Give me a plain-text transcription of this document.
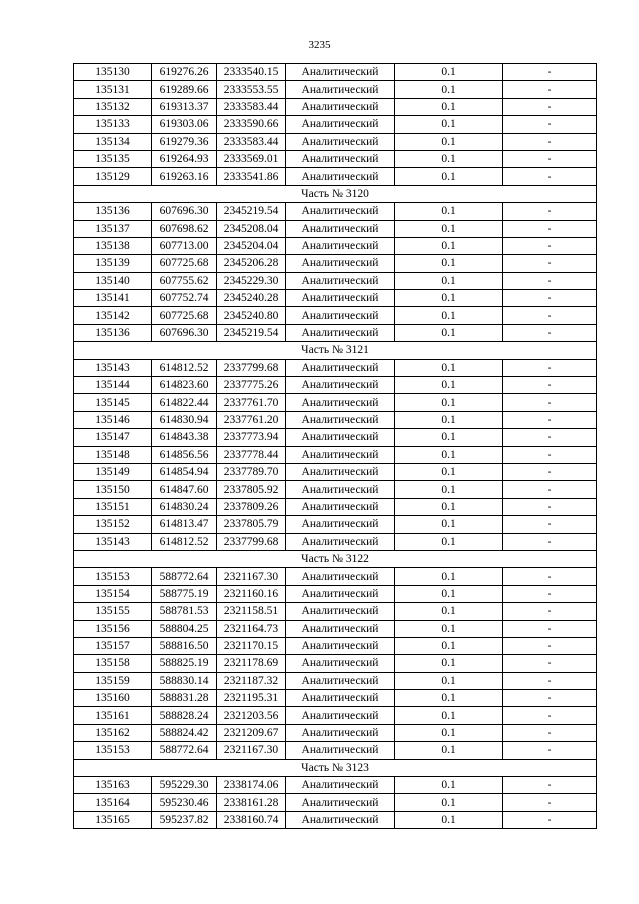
3235
135130	619276.26	2333540.15	Аналитический	0.1	-
135131	619289.66	2333553.55	Аналитический	0.1	-
135132	619313.37	2333583.44	Аналитический	0.1	-
135133	619303.06	2333590.66	Аналитический	0.1	-
135134	619279.36	2333583.44	Аналитический	0.1	-
135135	619264.93	2333569.01	Аналитический	0.1	-
135129	619263.16	2333541.86	Аналитический	0.1	-
Часть № 3120					
135136	607696.30	2345219.54	Аналитический	0.1	-
135137	607698.62	2345208.04	Аналитический	0.1	-
135138	607713.00	2345204.04	Аналитический	0.1	-
135139	607725.68	2345206.28	Аналитический	0.1	-
135140	607755.62	2345229.30	Аналитический	0.1	-
135141	607752.74	2345240.28	Аналитический	0.1	-
135142	607725.68	2345240.80	Аналитический	0.1	-
135136	607696.30	2345219.54	Аналитический	0.1	-
Часть № 3121					
135143	614812.52	2337799.68	Аналитический	0.1	-
135144	614823.60	2337775.26	Аналитический	0.1	-
135145	614822.44	2337761.70	Аналитический	0.1	-
135146	614830.94	2337761.20	Аналитический	0.1	-
135147	614843.38	2337773.94	Аналитический	0.1	-
135148	614856.56	2337778.44	Аналитический	0.1	-
135149	614854.94	2337789.70	Аналитический	0.1	-
135150	614847.60	2337805.92	Аналитический	0.1	-
135151	614830.24	2337809.26	Аналитический	0.1	-
135152	614813.47	2337805.79	Аналитический	0.1	-
135143	614812.52	2337799.68	Аналитический	0.1	-
Часть № 3122					
135153	588772.64	2321167.30	Аналитический	0.1	-
135154	588775.19	2321160.16	Аналитический	0.1	-
135155	588781.53	2321158.51	Аналитический	0.1	-
135156	588804.25	2321164.73	Аналитический	0.1	-
135157	588816.50	2321170.15	Аналитический	0.1	-
135158	588825.19	2321178.69	Аналитический	0.1	-
135159	588830.14	2321187.32	Аналитический	0.1	-
135160	588831.28	2321195.31	Аналитический	0.1	-
135161	588828.24	2321203.56	Аналитический	0.1	-
135162	588824.42	2321209.67	Аналитический	0.1	-
135153	588772.64	2321167.30	Аналитический	0.1	-
Часть № 3123					
135163	595229.30	2338174.06	Аналитический	0.1	-
135164	595230.46	2338161.28	Аналитический	0.1	-
135165	595237.82	2338160.74	Аналитический	0.1	-
